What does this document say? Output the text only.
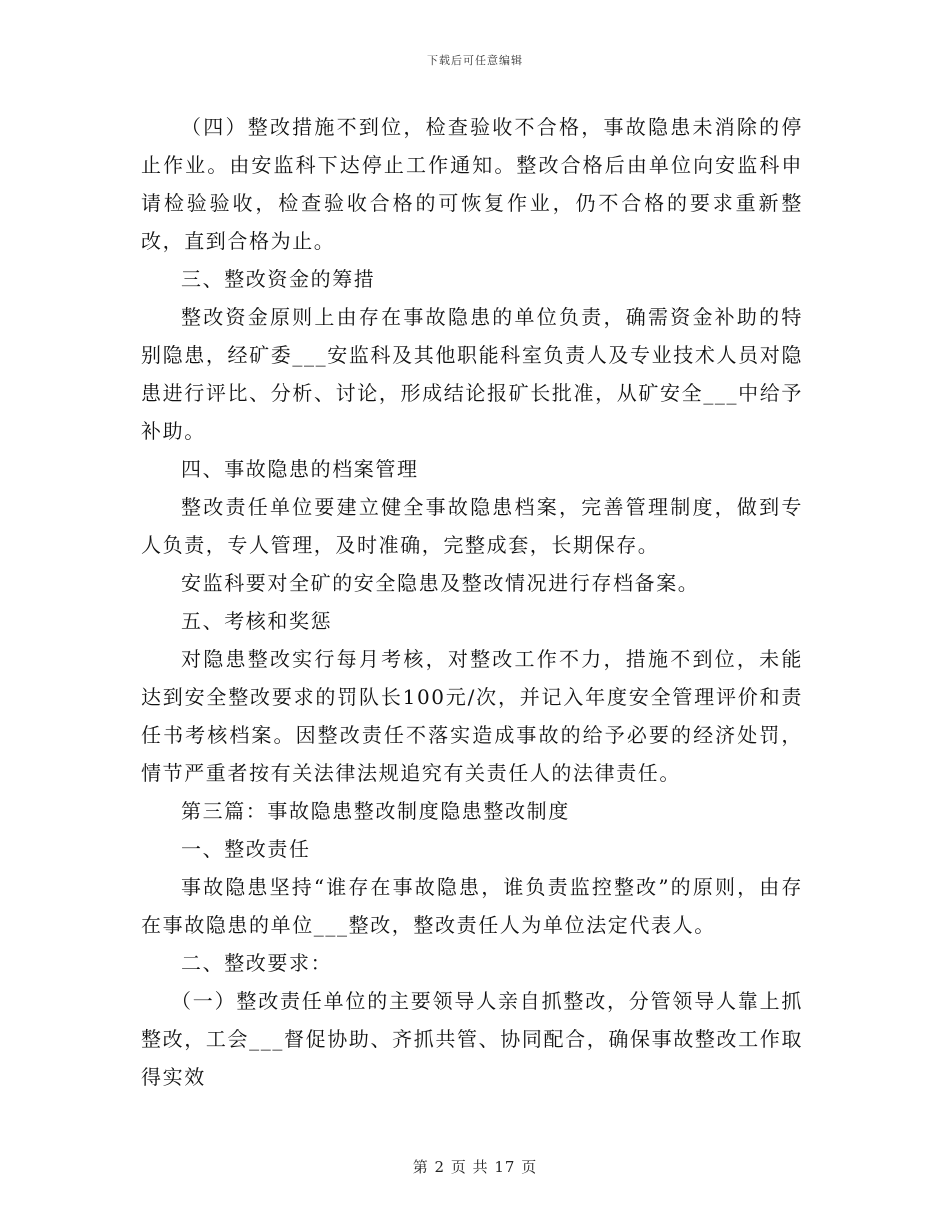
下载后可任意编辑

（四）整改措施不到位，检查验收不合格，事故隐患未消除的停止作业。由安监科下达停止工作通知。整改合格后由单位向安监科申请检验验收，检查验收合格的可恢复作业，仍不合格的要求重新整改，直到合格为止。

三、整改资金的筹措

整改资金原则上由存在事故隐患的单位负责，确需资金补助的特别隐患，经矿委___安监科及其他职能科室负责人及专业技术人员对隐患进行评比、分析、讨论，形成结论报矿长批准，从矿安全___中给予补助。

四、事故隐患的档案管理

整改责任单位要建立健全事故隐患档案，完善管理制度，做到专人负责，专人管理，及时准确，完整成套，长期保存。

安监科要对全矿的安全隐患及整改情况进行存档备案。

五、考核和奖惩

对隐患整改实行每月考核，对整改工作不力，措施不到位，未能达到安全整改要求的罚队长100元/次，并记入年度安全管理评价和责任书考核档案。因整改责任不落实造成事故的给予必要的经济处罚，情节严重者按有关法律法规追究有关责任人的法律责任。

第三篇：事故隐患整改制度隐患整改制度

一、整改责任

事故隐患坚持“谁存在事故隐患，谁负责监控整改”的原则，由存在事故隐患的单位___整改，整改责任人为单位法定代表人。

二、整改要求：

（一）整改责任单位的主要领导人亲自抓整改，分管领导人靠上抓整改，工会___督促协助、齐抓共管、协同配合，确保事故整改工作取得实效

第 2 页 共 17 页
